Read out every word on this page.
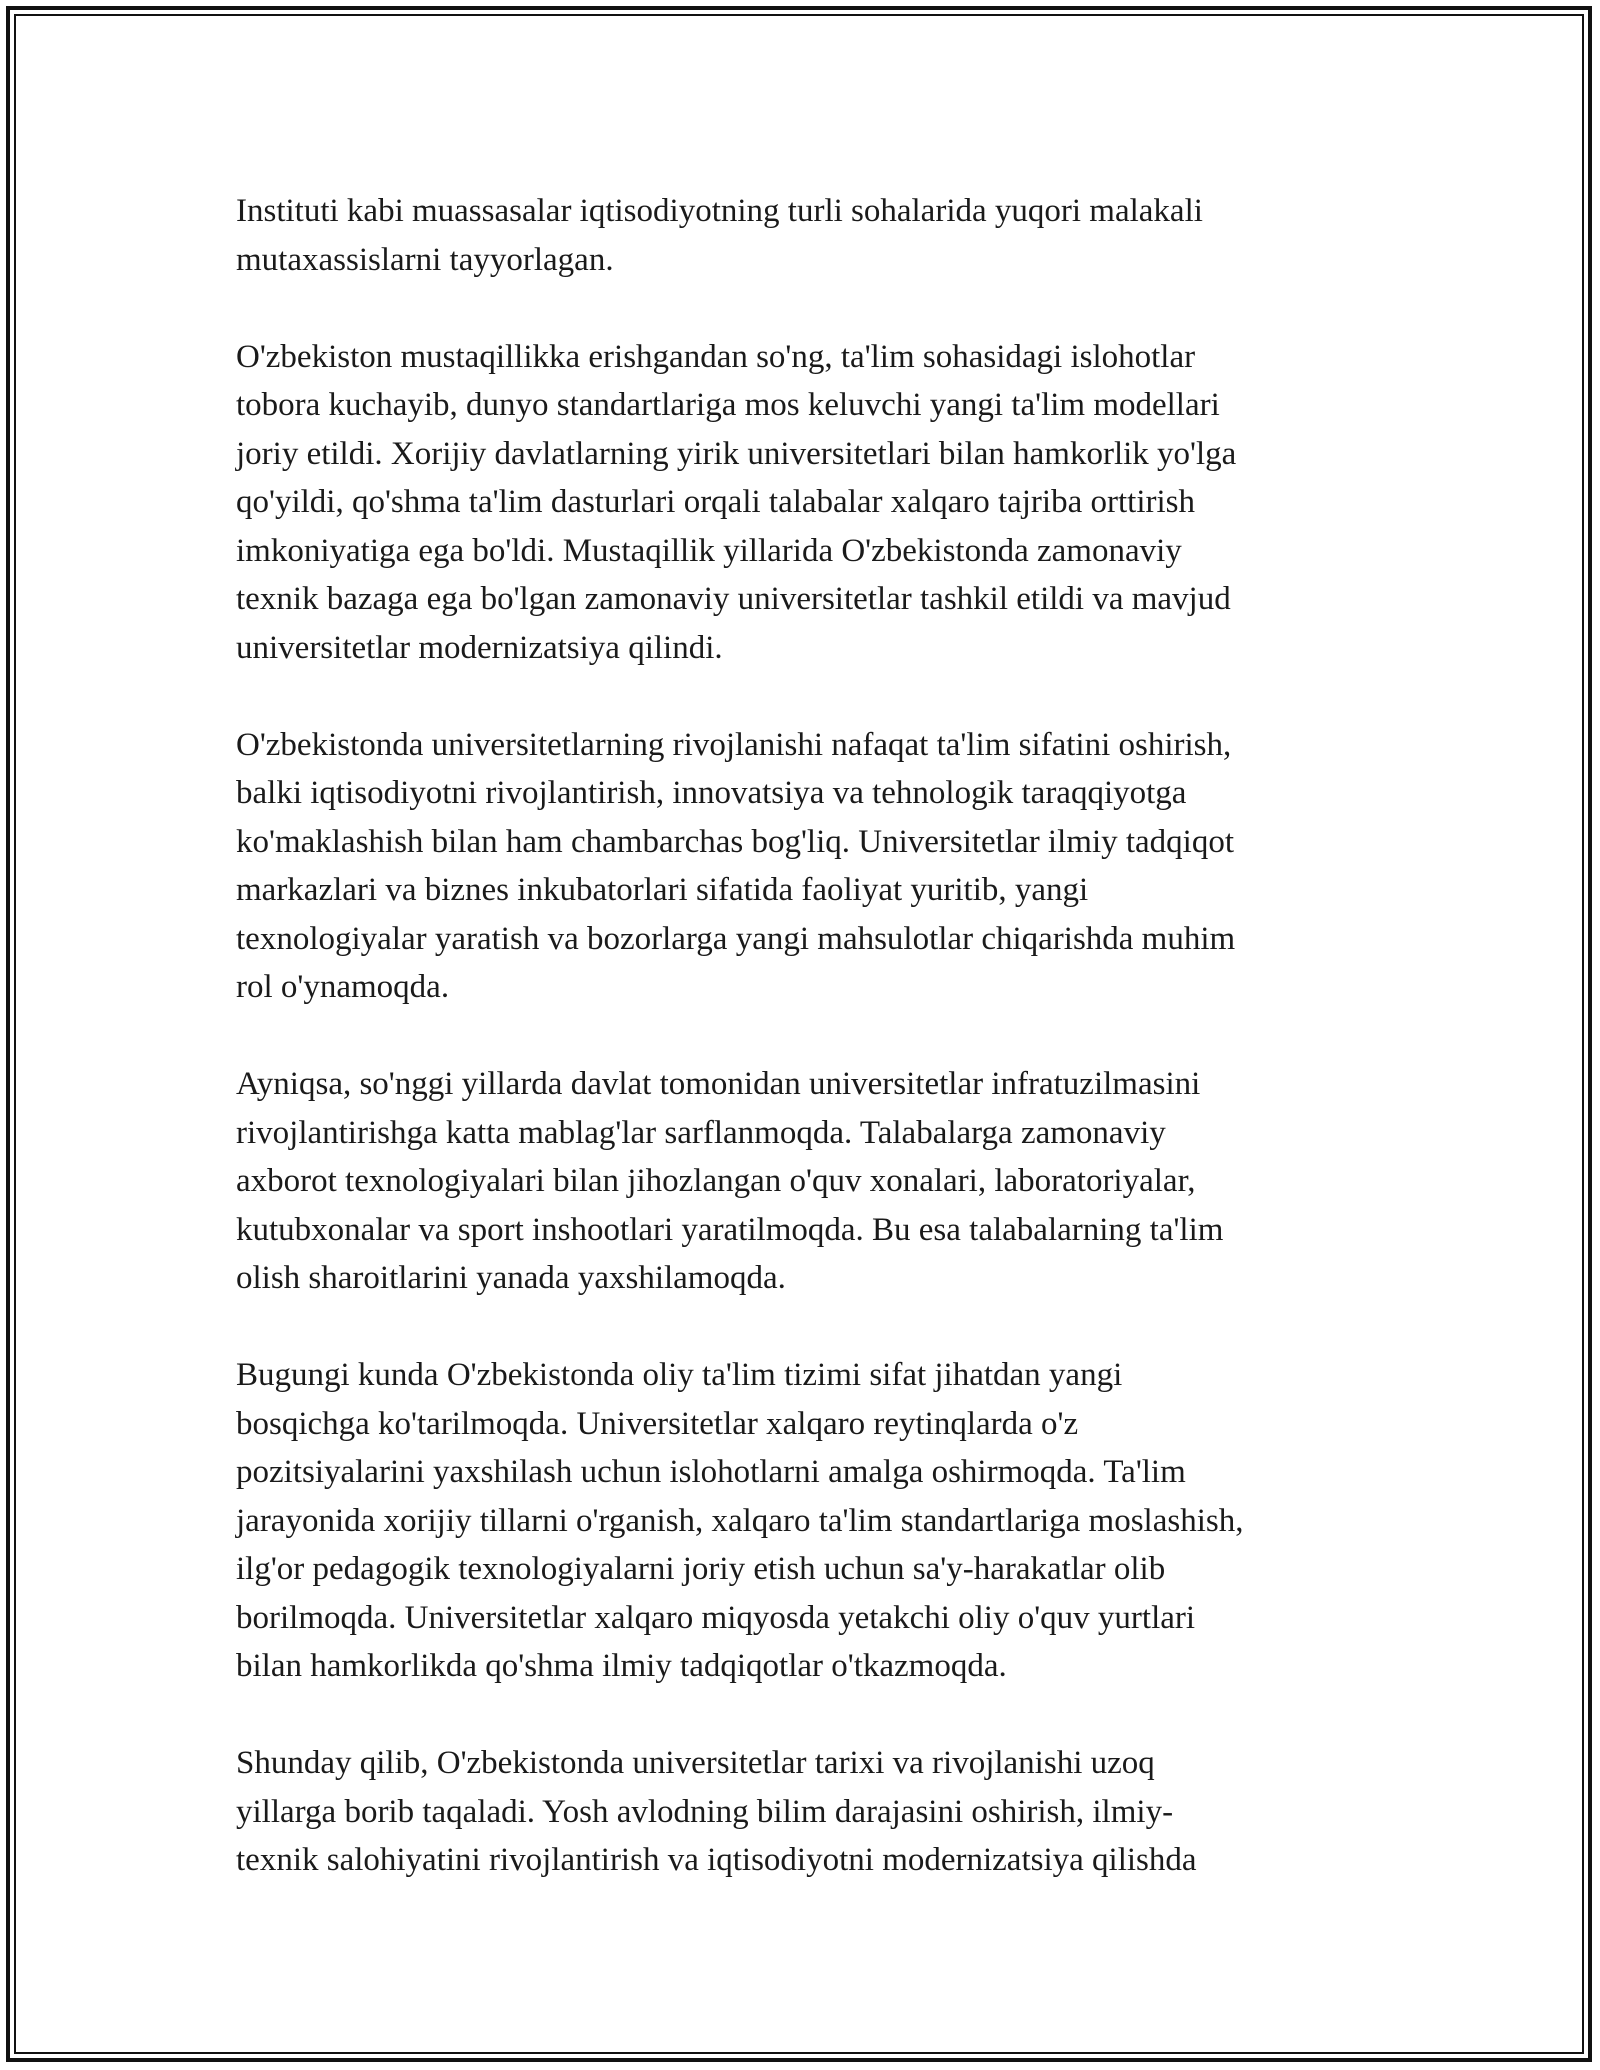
Instituti kabi muassasalar iqtisodiyotning turli sohalarida yuqori malakali
mutaxassislarni tayyorlagan.

O'zbekiston mustaqillikka erishgandan so'ng, ta'lim sohasidagi islohotlar
tobora kuchayib, dunyo standartlariga mos keluvchi yangi ta'lim modellari
joriy etildi. Xorijiy davlatlarning yirik universitetlari bilan hamkorlik yo'lga
qo'yildi, qo'shma ta'lim dasturlari orqali talabalar xalqaro tajriba orttirish
imkoniyatiga ega bo'ldi. Mustaqillik yillarida O'zbekistonda zamonaviy
texnik bazaga ega bo'lgan zamonaviy universitetlar tashkil etildi va mavjud
universitetlar modernizatsiya qilindi.

O'zbekistonda universitetlarning rivojlanishi nafaqat ta'lim sifatini oshirish,
balki iqtisodiyotni rivojlantirish, innovatsiya va tehnologik taraqqiyotga
ko'maklashish bilan ham chambarchas bog'liq. Universitetlar ilmiy tadqiqot
markazlari va biznes inkubatorlari sifatida faoliyat yuritib, yangi
texnologiyalar yaratish va bozorlarga yangi mahsulotlar chiqarishda muhim
rol o'ynamoqda.

Ayniqsa, so'nggi yillarda davlat tomonidan universitetlar infratuzilmasini
rivojlantirishga katta mablag'lar sarflanmoqda. Talabalarga zamonaviy
axborot texnologiyalari bilan jihozlangan o'quv xonalari, laboratoriyalar,
kutubxonalar va sport inshootlari yaratilmoqda. Bu esa talabalarning ta'lim
olish sharoitlarini yanada yaxshilamoqda.

Bugungi kunda O'zbekistonda oliy ta'lim tizimi sifat jihatdan yangi
bosqichga ko'tarilmoqda. Universitetlar xalqaro reytinqlarda o'z
pozitsiyalarini yaxshilash uchun islohotlarni amalga oshirmoqda. Ta'lim
jarayonida xorijiy tillarni o'rganish, xalqaro ta'lim standartlariga moslashish,
ilg'or pedagogik texnologiyalarni joriy etish uchun sa'y-harakatlar olib
borilmoqda. Universitetlar xalqaro miqyosda yetakchi oliy o'quv yurtlari
bilan hamkorlikda qo'shma ilmiy tadqiqotlar o'tkazmoqda.

Shunday qilib, O'zbekistonda universitetlar tarixi va rivojlanishi uzoq
yillarga borib taqaladi. Yosh avlodning bilim darajasini oshirish, ilmiy-
texnik salohiyatini rivojlantirish va iqtisodiyotni modernizatsiya qilishda
